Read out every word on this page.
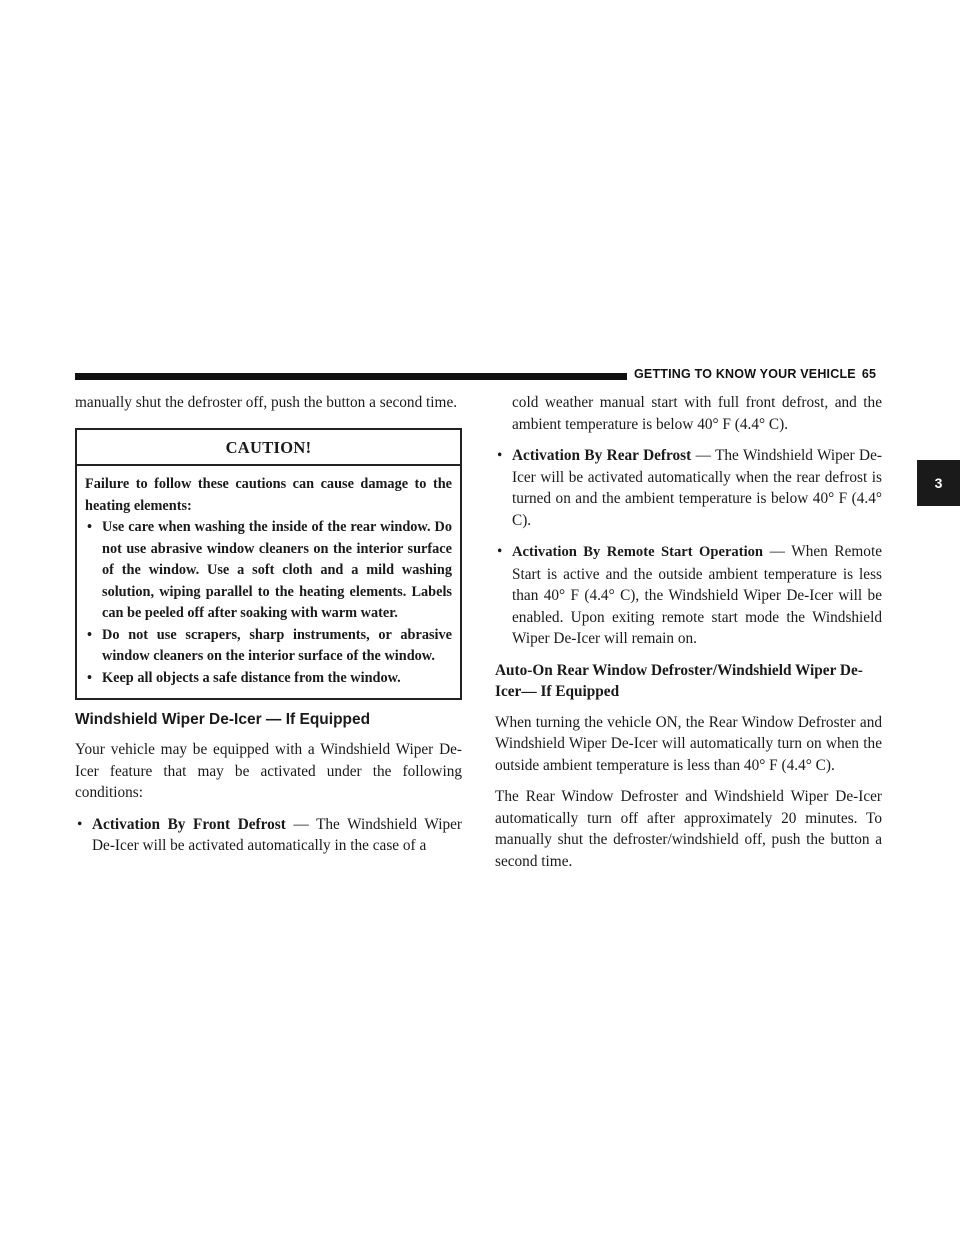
GETTING TO KNOW YOUR VEHICLE 65
3

manually shut the defroster off, push the button a second time.

CAUTION!

Failure to follow these cautions can cause damage to the heating elements:

• Use care when washing the inside of the rear window. Do not use abrasive window cleaners on the interior surface of the window. Use a soft cloth and a mild washing solution, wiping parallel to the heating elements. Labels can be peeled off after soaking with warm water.
• Do not use scrapers, sharp instruments, or abrasive window cleaners on the interior surface of the window.
• Keep all objects a safe distance from the window.
Windshield Wiper De-Icer — If Equipped

Your vehicle may be equipped with a Windshield Wiper De-Icer feature that may be activated under the following conditions:

• Activation By Front Defrost — The Windshield Wiper De-Icer will be activated automatically in the case of a
cold weather manual start with full front defrost, and the ambient temperature is below 40° F (4.4° C).
• Activation By Rear Defrost — The Windshield Wiper De-Icer will be activated automatically when the rear defrost is turned on and the ambient temperature is below 40° F (4.4° C).
• Activation By Remote Start Operation — When Remote Start is active and the outside ambient temperature is less than 40° F (4.4° C), the Windshield Wiper De-Icer will be enabled. Upon exiting remote start mode the Windshield Wiper De-Icer will remain on.
Auto-On Rear Window Defroster/Windshield Wiper De-Icer— If Equipped

When turning the vehicle ON, the Rear Window Defroster and Windshield Wiper De-Icer will automatically turn on when the outside ambient temperature is less than 40° F (4.4° C).

The Rear Window Defroster and Windshield Wiper De-Icer automatically turn off after approximately 20 minutes. To manually shut the defroster/windshield off, push the button a second time.
